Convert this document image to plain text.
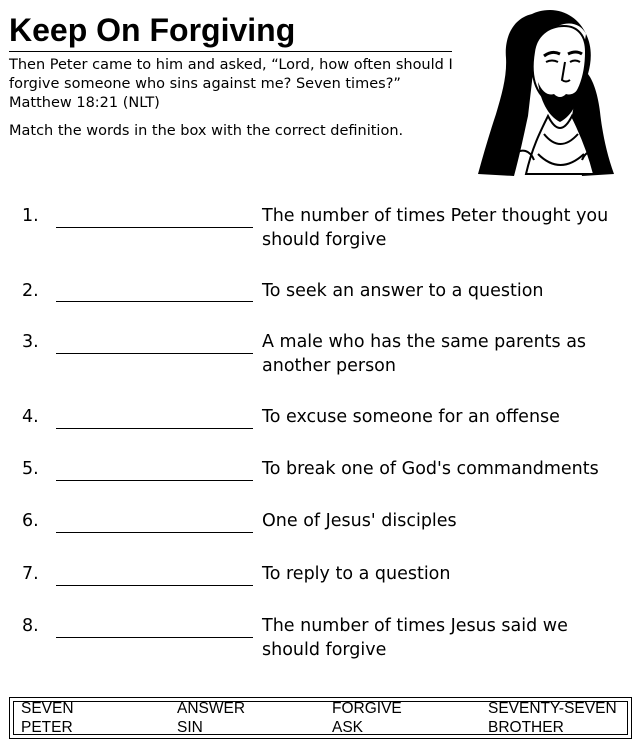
Keep On Forgiving

Then Peter came to him and asked, “Lord, how often should I forgive someone who sins against me? Seven times?” Matthew 18:21 (NLT)

Match the words in the box with the correct definition.

1.	The number of times Peter thought you
should forgive
2.	To seek an answer to a question
3.	A male who has the same parents as
another person
4.	To excuse someone for an offense
5.	To break one of God's commandments
6.	One of Jesus' disciples
7.	To reply to a question
8.	The number of times Jesus said we
should forgive
SEVEN	ANSWER	FORGIVE	SEVENTY-SEVEN
PETER	SIN	ASK	BROTHER
